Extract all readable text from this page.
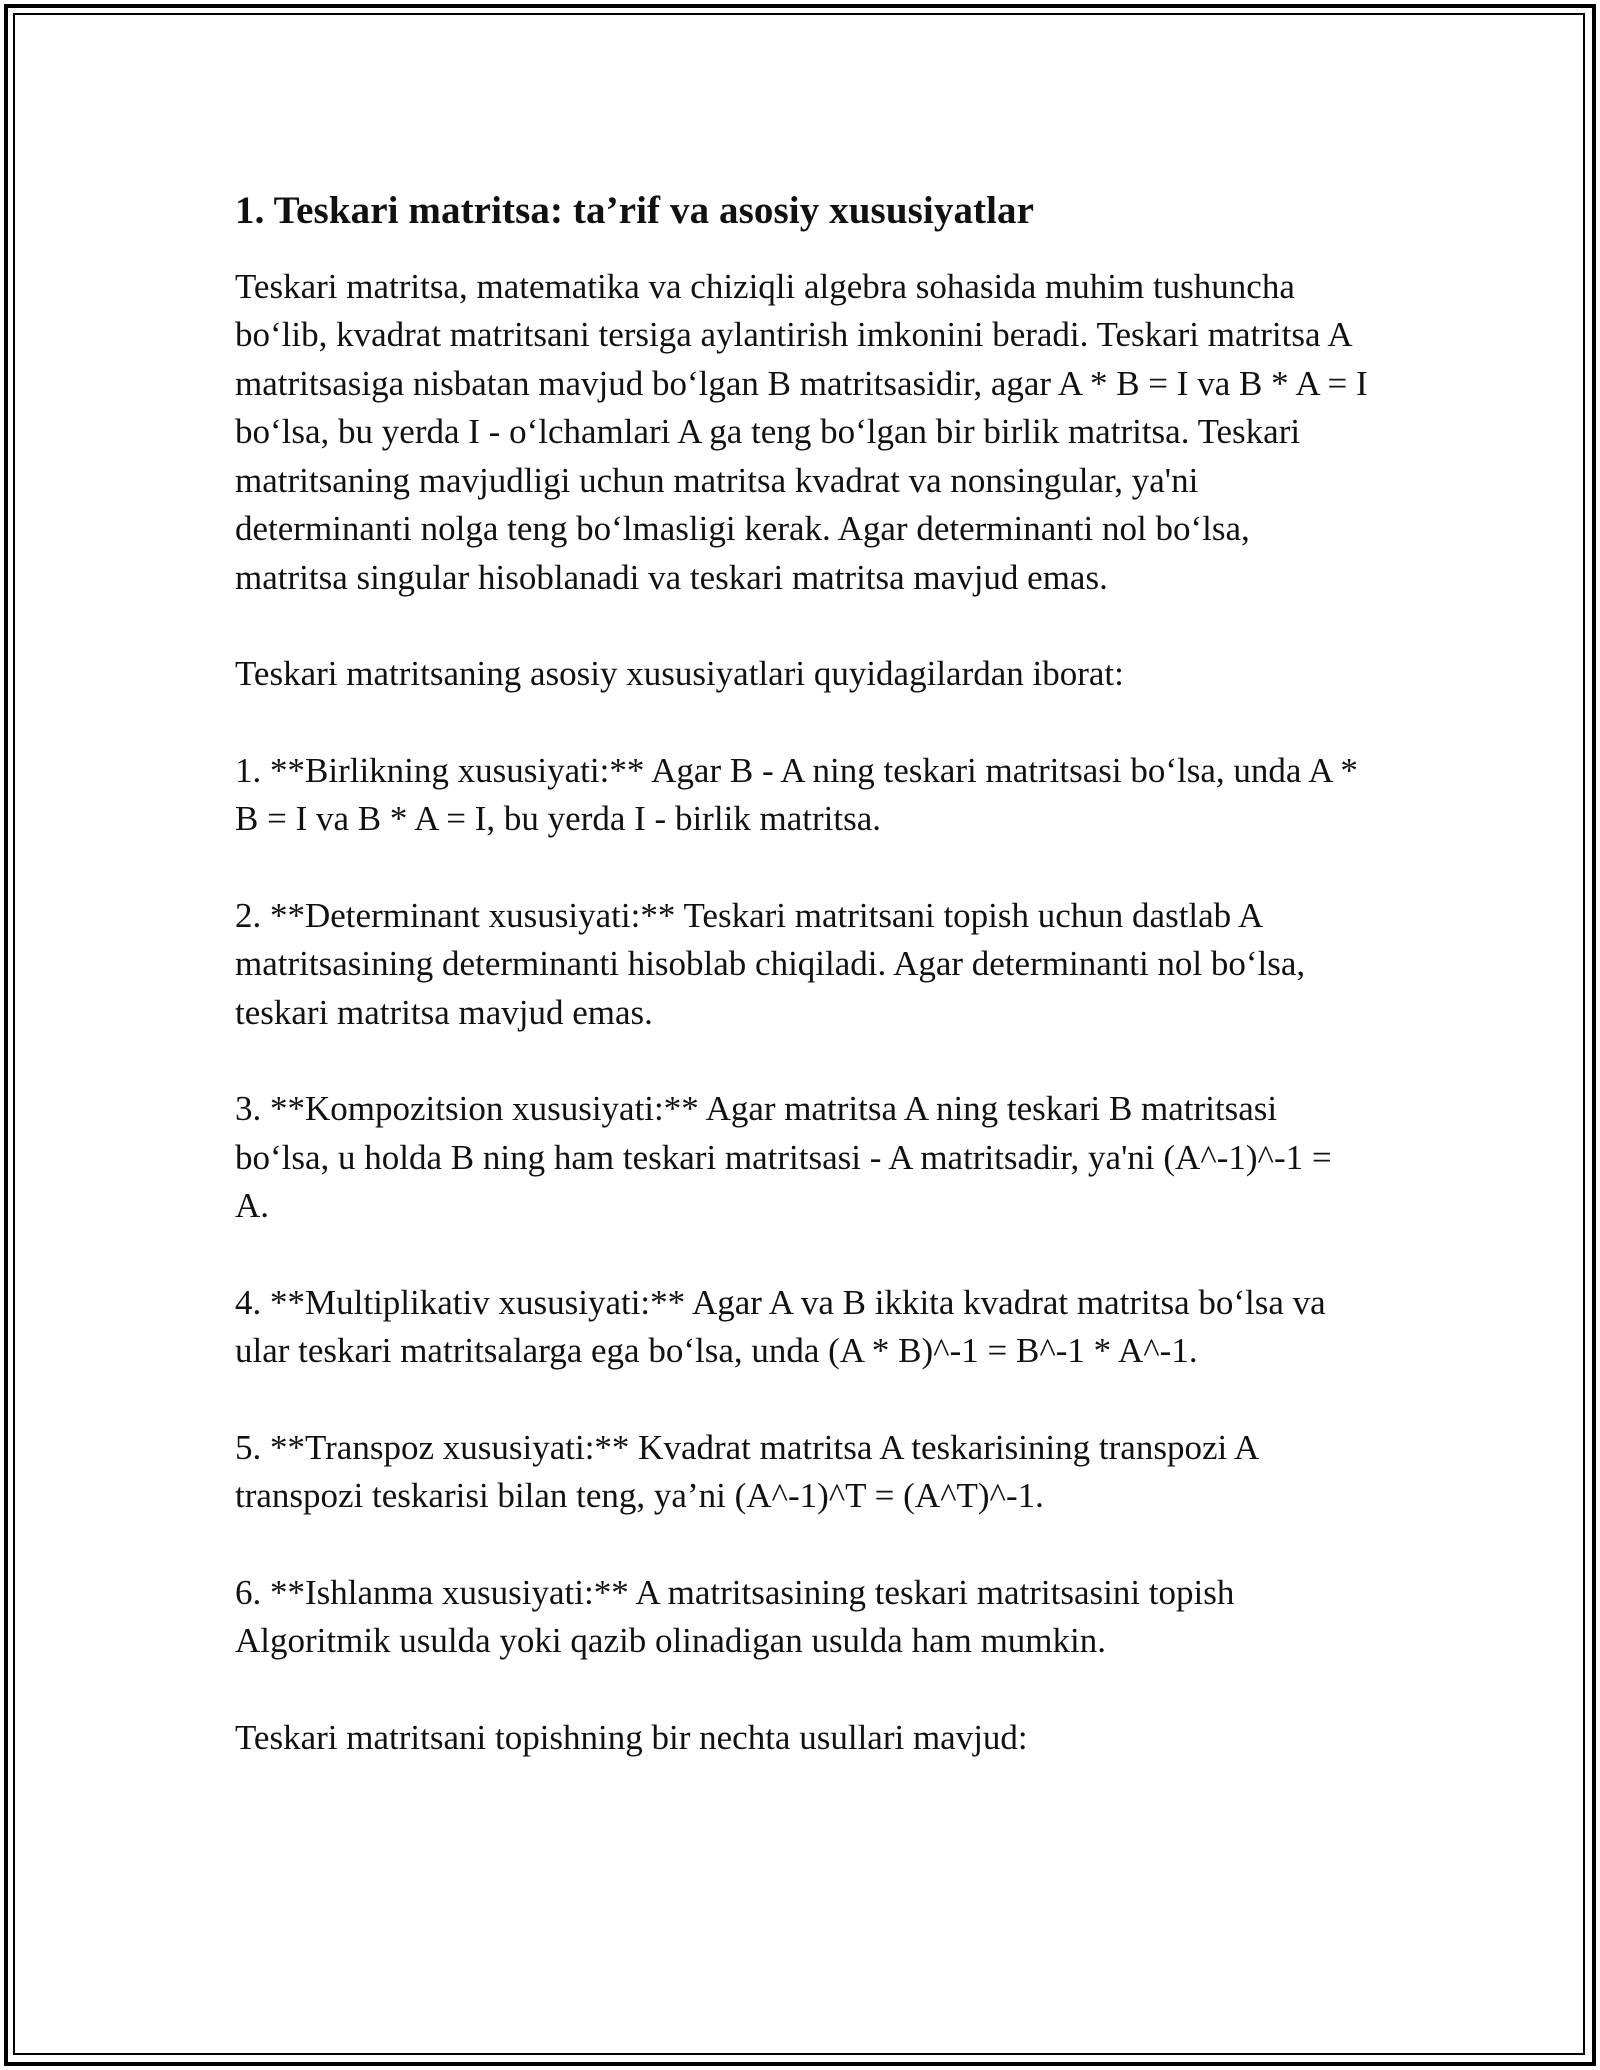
1. Teskari matritsa: ta’rif va asosiy xususiyatlar

Teskari matritsa, matematika va chiziqli algebra sohasida muhim tushuncha bo‘lib, kvadrat matritsani tersiga aylantirish imkonini beradi. Teskari matritsa A matritsasiga nisbatan mavjud bo‘lgan B matritsasidir, agar A * B = I va B * A = I bo‘lsa, bu yerda I - o‘lchamlari A ga teng bo‘lgan bir birlik matritsa. Teskari matritsaning mavjudligi uchun matritsa kvadrat va nonsingular, ya'ni determinanti nolga teng bo‘lmasligi kerak. Agar determinanti nol bo‘lsa, matritsa singular hisoblanadi va teskari matritsa mavjud emas.

Teskari matritsaning asosiy xususiyatlari quyidagilardan iborat:

1. **Birlikning xususiyati:** Agar B - A ning teskari matritsasi bo‘lsa, unda A * B = I va B * A = I, bu yerda I - birlik matritsa.

2. **Determinant xususiyati:** Teskari matritsani topish uchun dastlab A matritsasining determinanti hisoblab chiqiladi. Agar determinanti nol bo‘lsa, teskari matritsa mavjud emas.

3. **Kompozitsion xususiyati:** Agar matritsa A ning teskari B matritsasi bo‘lsa, u holda B ning ham teskari matritsasi - A matritsadir, ya'ni (A^-1)^-1 = A.

4. **Multiplikativ xususiyati:** Agar A va B ikkita kvadrat matritsa bo‘lsa va ular teskari matritsalarga ega bo‘lsa, unda (A * B)^-1 = B^-1 * A^-1.

5. **Transpoz xususiyati:** Kvadrat matritsa A teskarisining transpozi A transpozi teskarisi bilan teng, ya’ni (A^-1)^T = (A^T)^-1.

6. **Ishlanma xususiyati:** A matritsasining teskari matritsasini topish Algoritmik usulda yoki qazib olinadigan usulda ham mumkin.

Teskari matritsani topishning bir nechta usullari mavjud:
